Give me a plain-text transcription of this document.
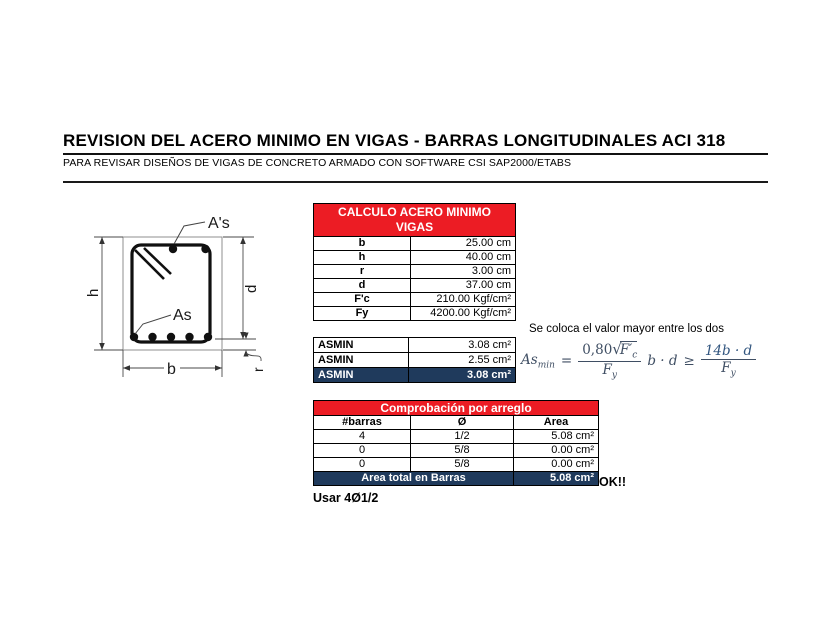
REVISION DEL ACERO MINIMO EN VIGAS - BARRAS LONGITUDINALES ACI 318
PARA REVISAR DISEÑOS DE VIGAS DE CONCRETO ARMADO CON SOFTWARE CSI SAP2000/ETABS
A's
As
h	d
r
b
CALCULO ACERO MINIMO
VIGAS	

b	25.00 cm
h	40.00 cm
r	3.00 cm
d	37.00 cm
F'c	210.00 Kgf/cm²
Fy	4200.00 Kgf/cm²
ASMIN	3.08 cm²
ASMIN	2.55 cm²
ASMIN	3.08 cm²
Se coloca el valor mayor entre los dos
$As_{min} = \frac{0,80√F'_c}{F_y}$ $b \cdot d \ge \frac{14b \cdot d}{F_y}$
Comprobación por arreglo		
#barras	Ø	Area
4	1/2	5.08 cm²
0	5/8	0.00 cm²
0	5/8	0.00 cm²
Area total en Barras		5.08 cm² OK!!
Usar 4Ø1/2
